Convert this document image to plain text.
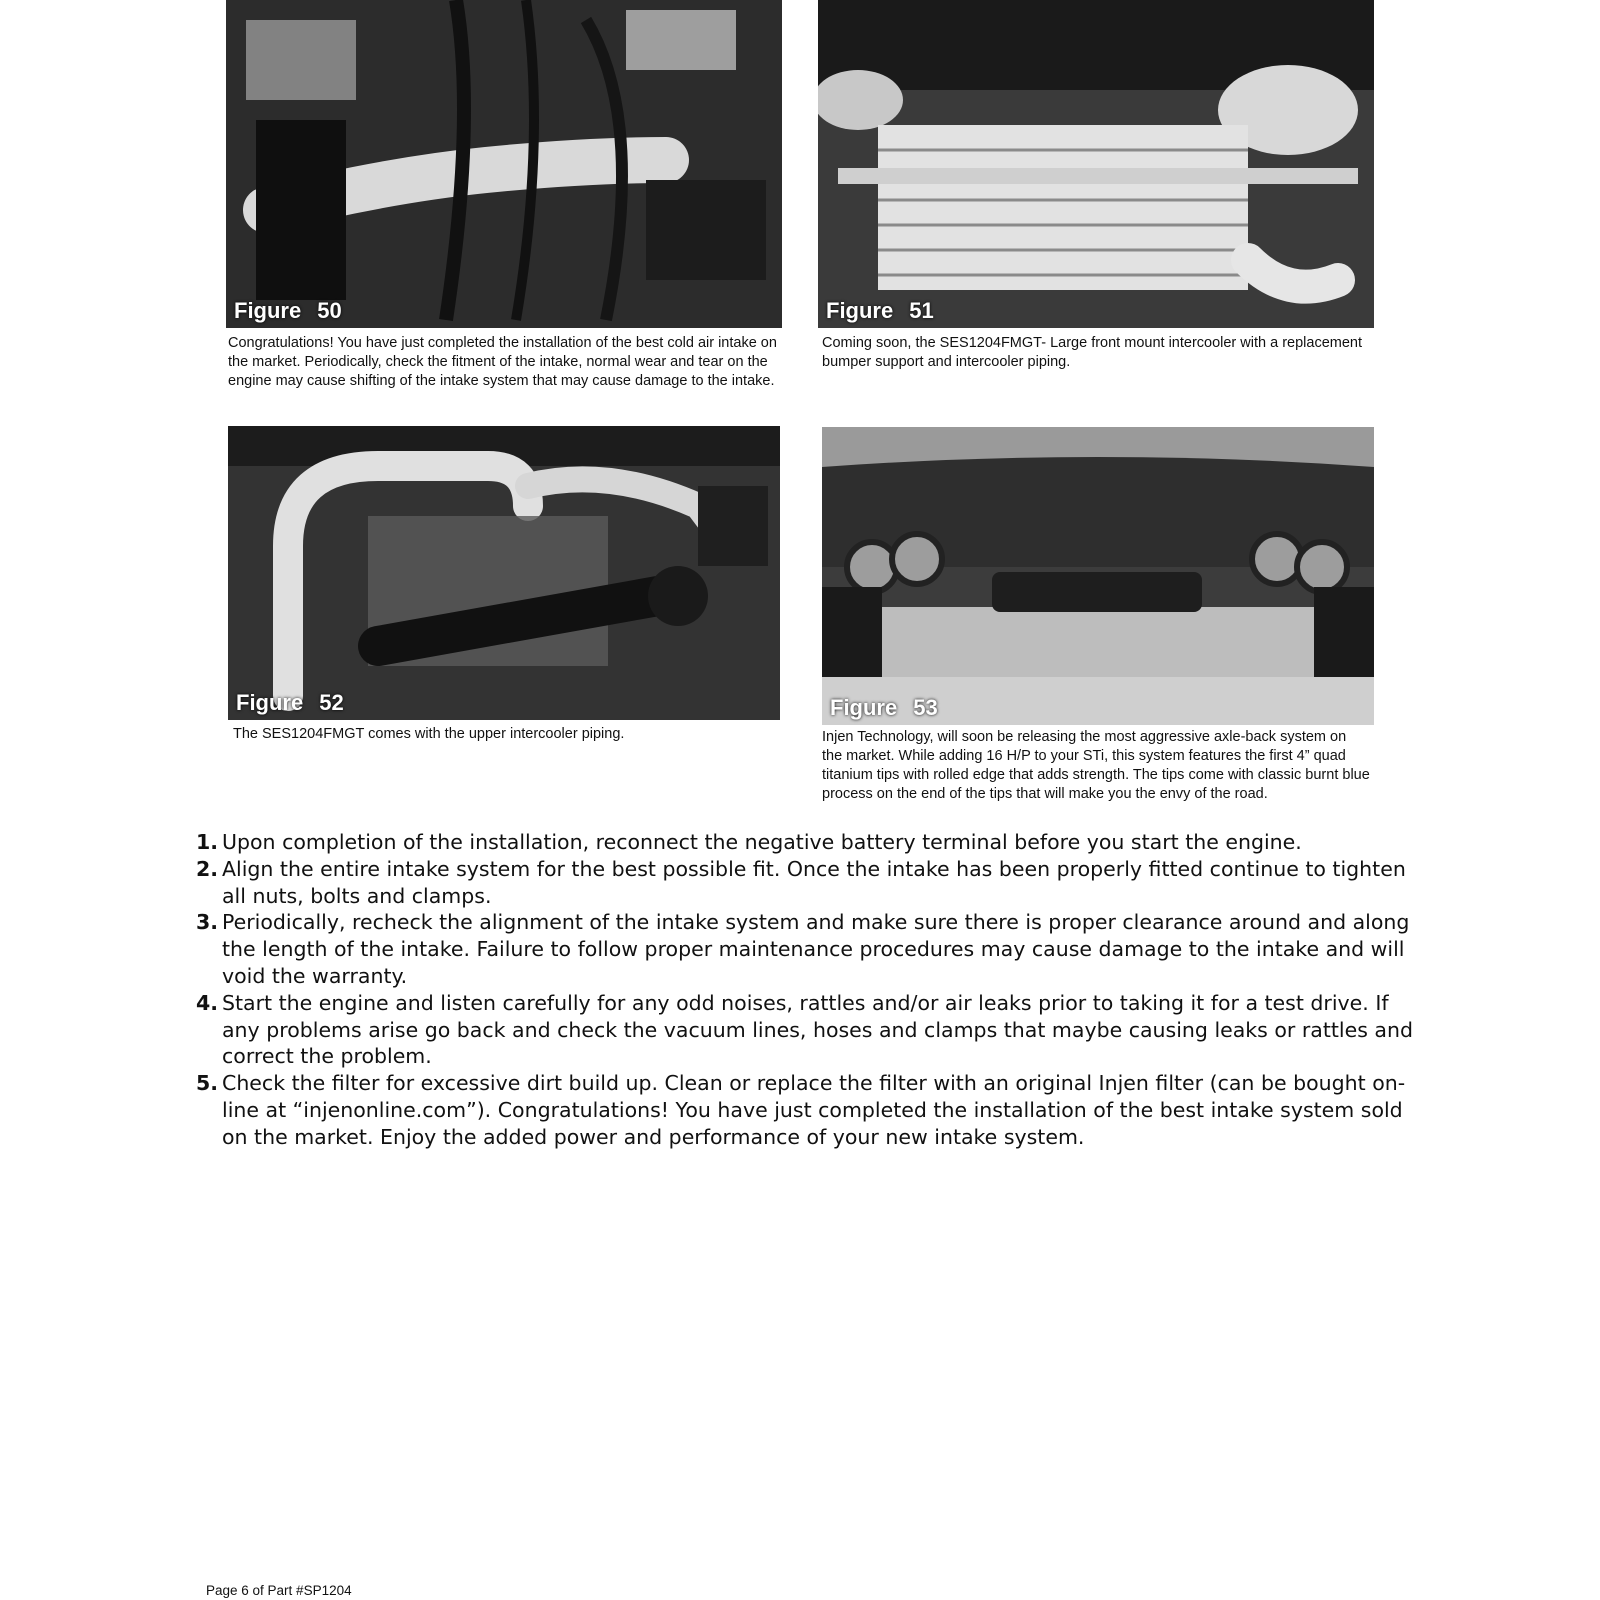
Figure 50
Congratulations! You have just completed the installation of the best cold air intake on the market. Periodically, check the fitment of the intake, normal wear and tear on the engine may cause shifting of the intake system that may cause damage to the intake.
Figure 51
Coming soon, the SES1204FMGT- Large front mount intercooler with a replacement bumper support and intercooler piping.
Figure 52
The SES1204FMGT comes with the upper intercooler piping.
Figure 53
Injen Technology, will soon be releasing the most aggressive axle-back system on the market. While adding 16 H/P to your STi, this system features the first 4” quad titanium tips with rolled edge that adds strength. The tips come with classic burnt blue process on the end of the tips that will make you the envy of the road.
1. Upon completion of the installation, reconnect the negative battery terminal before you start the engine.
2. Align the entire intake system for the best possible fit. Once the intake has been properly fitted continue to tighten all nuts, bolts and clamps.
3. Periodically, recheck the alignment of the intake system and make sure there is proper clearance around and along the length of the intake. Failure to follow proper maintenance procedures may cause damage to the intake and will void the warranty.
4. Start the engine and listen carefully for any odd noises, rattles and/or air leaks prior to taking it for a test drive. If any problems arise go back and check the vacuum lines, hoses and clamps that maybe causing leaks or rattles and correct the problem.
5. Check the filter for excessive dirt build up. Clean or replace the filter with an original Injen filter (can be bought on-line at “injenonline.com”). Congratulations! You have just completed the installation of the best intake system sold on the market. Enjoy the added power and performance of your new intake system.
Page 6 of Part #SP1204
